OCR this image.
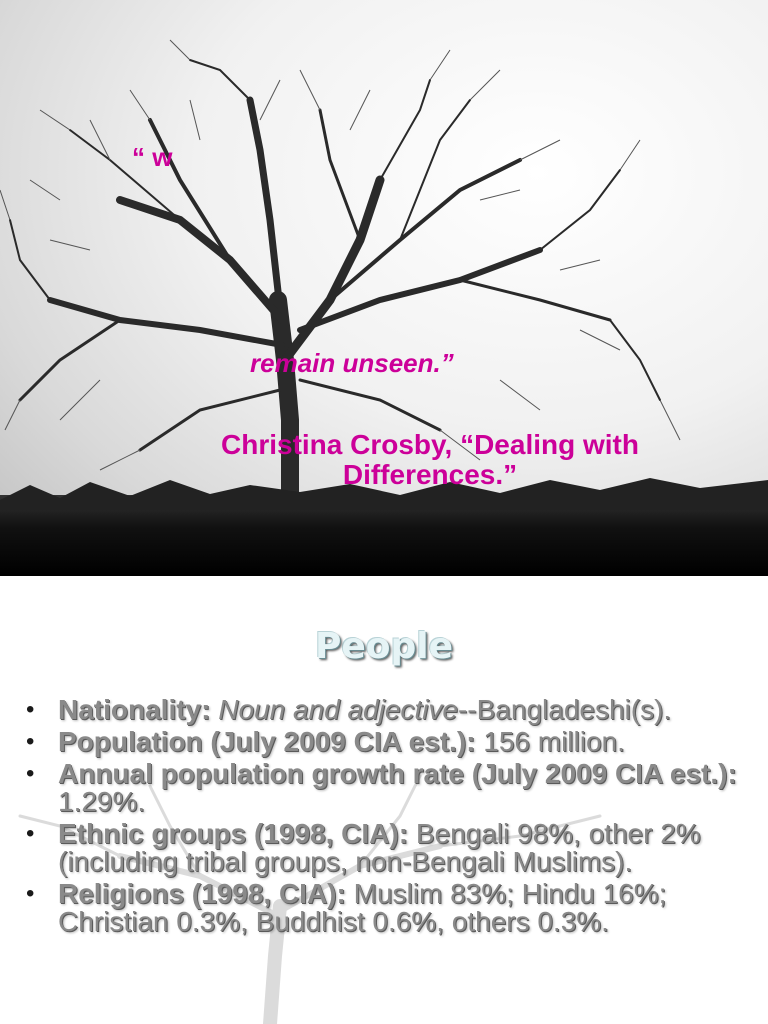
“ w
remain unseen.”
Christina Crosby, “Dealing with Differences.”
People
• Nationality: Noun and adjective--Bangladeshi(s).
• Population (July 2009 CIA est.): 156 million.
• Annual population growth rate (July 2009 CIA est.): 1.29%.
• Ethnic groups (1998, CIA): Bengali 98%, other 2% (including tribal groups, non-Bengali Muslims).
• Religions (1998, CIA): Muslim 83%; Hindu 16%; Christian 0.3%, Buddhist 0.6%, others 0.3%.
